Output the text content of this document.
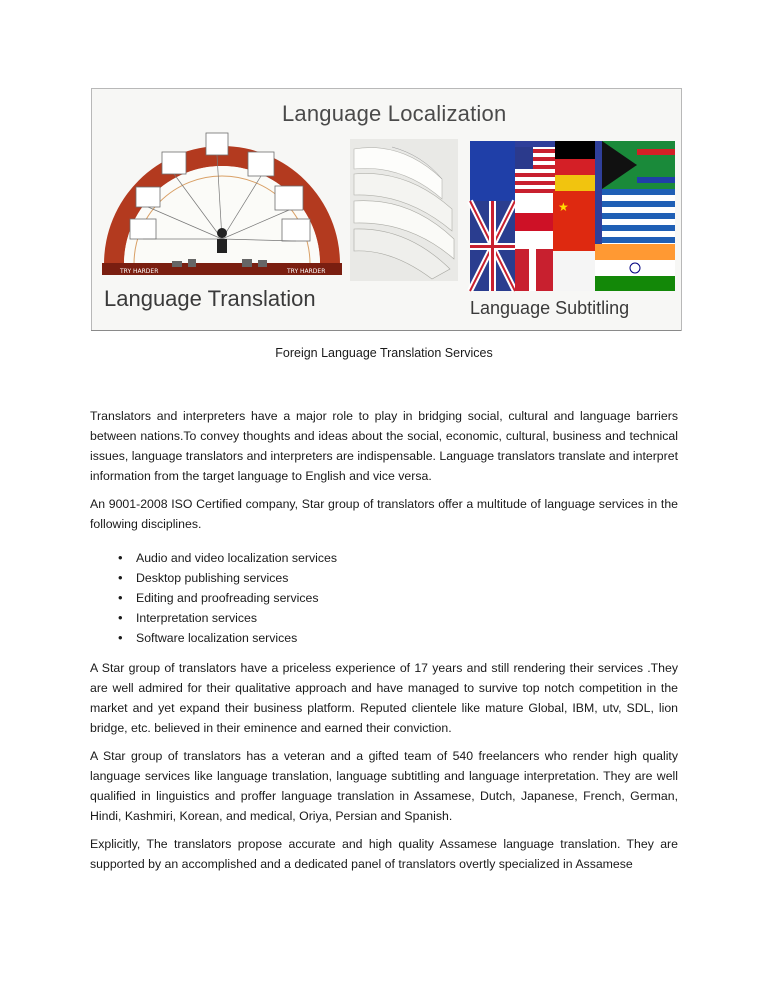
TRY HARDER	TRY HARDER
★
Language Localization
Language Translation	Language Subtitling
Foreign Language Translation Services

Translators and interpreters have a major role to play in bridging social, cultural and language barriers between nations.To convey thoughts and ideas about the social, economic, cultural, business and technical issues, language translators and interpreters are indispensable. Language translators translate and interpret information from the target language to English and vice versa.

An 9001-2008 ISO Certified company, Star group of translators offer a multitude of language services in the following disciplines.

• Audio and video localization services
• Desktop publishing services
• Editing and proofreading services
• Interpretation services
• Software localization services

A Star group of translators have a priceless experience of 17 years and still rendering their services .They are well admired for their qualitative approach and have managed to survive top notch competition in the market and yet expand their business platform. Reputed clientele like mature Global, IBM, utv, SDL, lion bridge, etc. believed in their eminence and earned their conviction.

A Star group of translators has a veteran and a gifted team of 540 freelancers who render high quality language services like language translation, language subtitling and language interpretation. They are well qualified in linguistics and proffer language translation in Assamese, Dutch, Japanese, French, German, Hindi, Kashmiri, Korean, and medical, Oriya, Persian and Spanish.

Explicitly, The translators propose accurate and high quality Assamese language translation. They are supported by an accomplished and a dedicated panel of translators overtly specialized in Assamese
